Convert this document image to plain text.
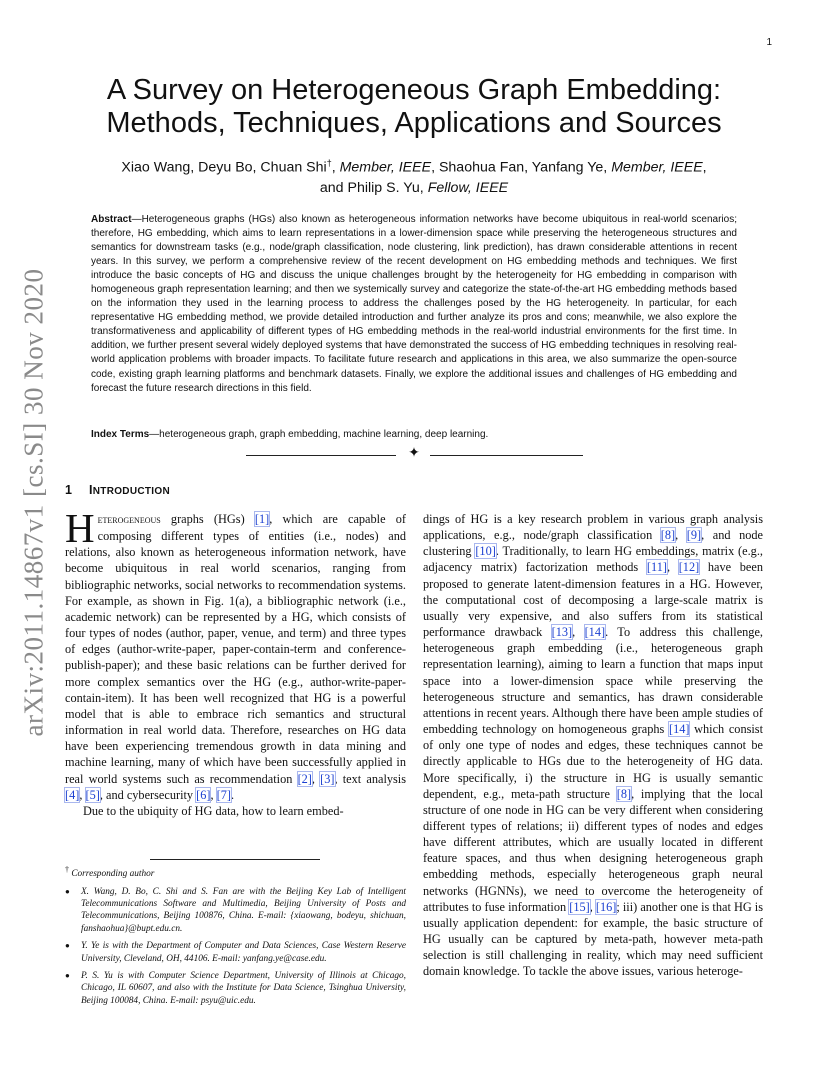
1
arXiv:2011.14867v1 [cs.SI] 30 Nov 2020
A Survey on Heterogeneous Graph Embedding:
Methods, Techniques, Applications and Sources
Xiao Wang, Deyu Bo, Chuan Shi†, Member, IEEE, Shaohua Fan, Yanfang Ye, Member, IEEE,
and Philip S. Yu, Fellow, IEEE
Abstract—Heterogeneous graphs (HGs) also known as heterogeneous information networks have become ubiquitous in real-world scenarios; therefore, HG embedding, which aims to learn representations in a lower-dimension space while preserving the heterogeneous structures and semantics for downstream tasks (e.g., node/graph classification, node clustering, link prediction), has drawn considerable attentions in recent years. In this survey, we perform a comprehensive review of the recent development on HG embedding methods and techniques. We first introduce the basic concepts of HG and discuss the unique challenges brought by the heterogeneity for HG embedding in comparison with homogeneous graph representation learning; and then we systemically survey and categorize the state-of-the-art HG embedding methods based on the information they used in the learning process to address the challenges posed by the HG heterogeneity. In particular, for each representative HG embedding method, we provide detailed introduction and further analyze its pros and cons; meanwhile, we also explore the transformativeness and applicability of different types of HG embedding methods in the real-world industrial environments for the first time. In addition, we further present several widely deployed systems that have demonstrated the success of HG embedding techniques in resolving real-world application problems with broader impacts. To facilitate future research and applications in this area, we also summarize the open-source code, existing graph learning platforms and benchmark datasets. Finally, we explore the additional issues and challenges of HG embedding and forecast the future research directions in this field.
Index Terms—heterogeneous graph, graph embedding, machine learning, deep learning.
✦
1 INTRODUCTION

Heterogeneous graphs (HGs) [1], which are capable of composing different types of entities (i.e., nodes) and relations, also known as heterogeneous information network, have become ubiquitous in real world scenarios, ranging from bibliographic networks, social networks to recommendation systems. For example, as shown in Fig. 1(a), a bibliographic network (i.e., academic network) can be represented by a HG, which consists of four types of nodes (author, paper, venue, and term) and three types of edges (author-write-paper, paper-contain-term and conference-publish-paper); and these basic relations can be further derived for more complex semantics over the HG (e.g., author-write-paper-contain-item). It has been well recognized that HG is a powerful model that is able to embrace rich semantics and structural information in real world data. Therefore, researches on HG data have been experiencing tremendous growth in data mining and machine learning, many of which have been successfully applied in real world systems such as recommendation [2], [3], text analysis [4], [5], and cybersecurity [6], [7].

Due to the ubiquity of HG data, how to learn embed-

dings of HG is a key research problem in various graph analysis applications, e.g., node/graph classification [8], [9], and node clustering [10]. Traditionally, to learn HG embeddings, matrix (e.g., adjacency matrix) factorization methods [11], [12] have been proposed to generate latent-dimension features in a HG. However, the computational cost of decomposing a large-scale matrix is usually very expensive, and also suffers from its statistical performance drawback [13], [14]. To address this challenge, heterogeneous graph embedding (i.e., heterogeneous graph representation learning), aiming to learn a function that maps input space into a lower-dimension space while preserving the heterogeneous structure and semantics, has drawn considerable attentions in recent years. Although there have been ample studies of embedding technology on homogeneous graphs [14] which consist of only one type of nodes and edges, these techniques cannot be directly applicable to HGs due to the heterogeneity of HG data. More specifically, i) the structure in HG is usually semantic dependent, e.g., meta-path structure [8], implying that the local structure of one node in HG can be very different when considering different types of relations; ii) different types of nodes and edges have different attributes, which are usually located in different feature spaces, and thus when designing heterogeneous graph embedding methods, especially heterogeneous graph neural networks (HGNNs), we need to overcome the heterogeneity of attributes to fuse information [15], [16]; iii) another one is that HG is usually application dependent: for example, the basic structure of HG usually can be captured by meta-path, however meta-path selection is still challenging in reality, which may need sufficient domain knowledge. To tackle the above issues, various heteroge-

† Corresponding author

● X. Wang, D. Bo, C. Shi and S. Fan are with the Beijing Key Lab of Intelligent Telecommunications Software and Multimedia, Beijing University of Posts and Telecommunications, Beijing 100876, China. E-mail: {xiaowang, bodeyu, shichuan, fanshaohua}@bupt.edu.cn.
● Y. Ye is with the Department of Computer and Data Sciences, Case Western Reserve University, Cleveland, OH, 44106. E-mail: yanfang.ye@case.edu.
● P. S. Yu is with Computer Science Department, University of Illinois at Chicago, Chicago, IL 60607, and also with the Institute for Data Science, Tsinghua University, Beijing 100084, China. E-mail: psyu@uic.edu.
